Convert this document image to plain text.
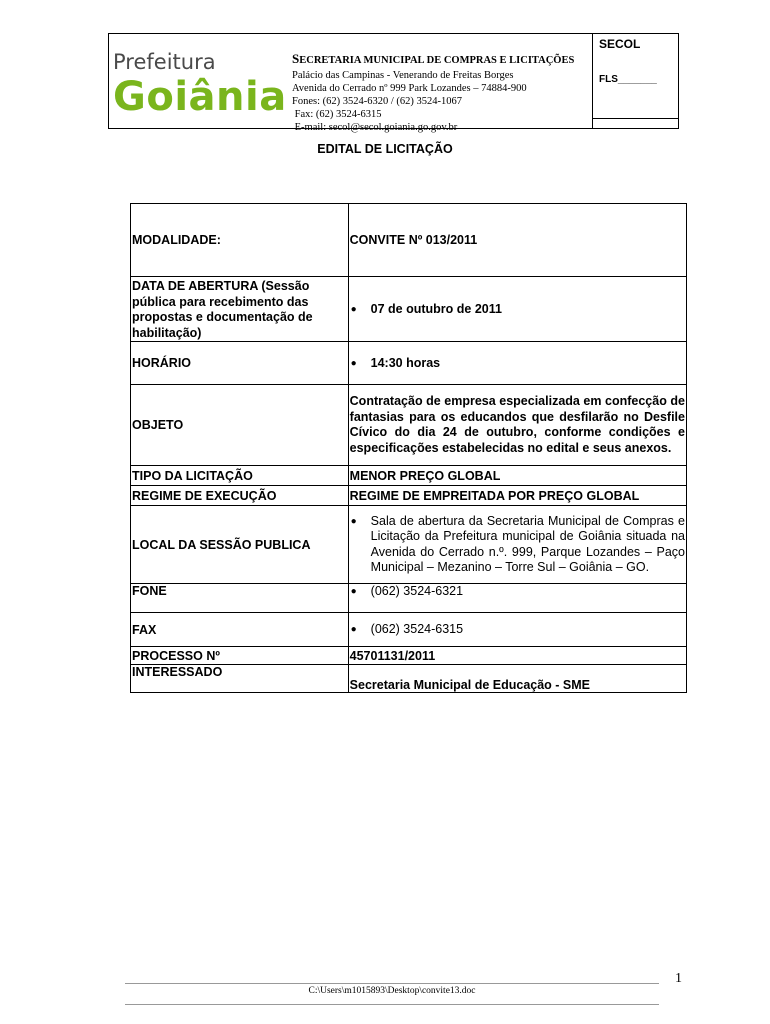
Prefeitura
Goiânia
SECRETARIA MUNICIPAL DE COMPRAS E LICITAÇÕES
Palácio das Campinas - Venerando de Freitas Borges
Avenida do Cerrado nº 999 Park Lozandes – 74884-900
Fones: (62) 3524-6320 / (62) 3524-1067
Fax: (62) 3524-6315
E-mail: secol@secol.goiania.go.gov.br
SECOL
FLS_______
EDITAL DE LICITAÇÃO
MODALIDADE:	CONVITE Nº 013/2011
DATA DE ABERTURA (Sessão pública para recebimento das propostas e documentação de habilitação)	● 07 de outubro de 2011

HORÁRIO	● 14:30 horas

OBJETO	Contratação de empresa especializada em confecção de fantasias para os educandos que desfilarão no Desfile Cívico do dia 24 de outubro, conforme condições e especificações estabelecidas no edital e seus anexos.
TIPO DA LICITAÇÃO	MENOR PREÇO GLOBAL
REGIME DE EXECUÇÃO	REGIME DE EMPREITADA POR PREÇO GLOBAL
LOCAL DA SESSÃO PUBLICA	● Sala de abertura da Secretaria Municipal de Compras e Licitação da Prefeitura municipal de Goiânia situada na Avenida do Cerrado n.º. 999, Parque Lozandes – Paço Municipal – Mezanino – Torre Sul – Goiânia – GO.

FONE	● (062) 3524-6321

FAX	● (062) 3524-6315

PROCESSO Nº	45701131/2011
INTERESSADO	Secretaria Municipal de Educação - SME
1
C:\Users\m1015893\Desktop\convite13.doc
